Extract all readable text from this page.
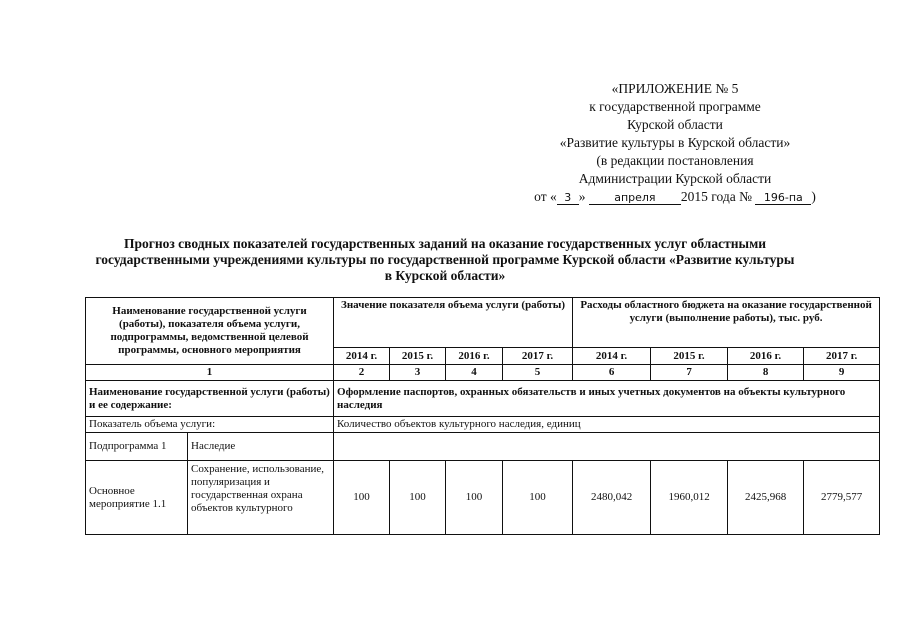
«ПРИЛОЖЕНИЕ № 5
к государственной программе
Курской области
«Развитие культуры в Курской области»
(в редакции постановления
Администрации Курской области
от « 3 »	апреля 2015 года № 196-па )
Прогноз сводных показателей государственных заданий на оказание государственных услуг областными государственными учреждениями культуры по государственной программе Курской области «Развитие культуры в Курской области»
Наименование государственной услуги (работы), показателя объема услуги, подпрограммы, ведомственной целевой программы, основного мероприятия		Значение показателя объема услуги (работы)				Расходы областного бюджета на оказание государственной услуги (выполнение работы), тыс. руб.			
		2014 г.	2015 г.	2016 г.	2017 г.	2014 г.	2015 г.	2016 г.	2017 г.
1		2	3	4	5	6	7	8	9
Наименование государственной услуги (работы) и ее содержание:		Оформление паспортов, охранных обязательств и иных учетных документов на объекты культурного наследия							
Показатель объема услуги:		Количество объектов культурного наследия, единиц							
Подпрограмма 1	Наследие								
Основное мероприятие 1.1	Сохранение, использование, популяризация и государственная охрана объектов культурного	100	100	100	100	2480,042	1960,012	2425,968	2779,577
